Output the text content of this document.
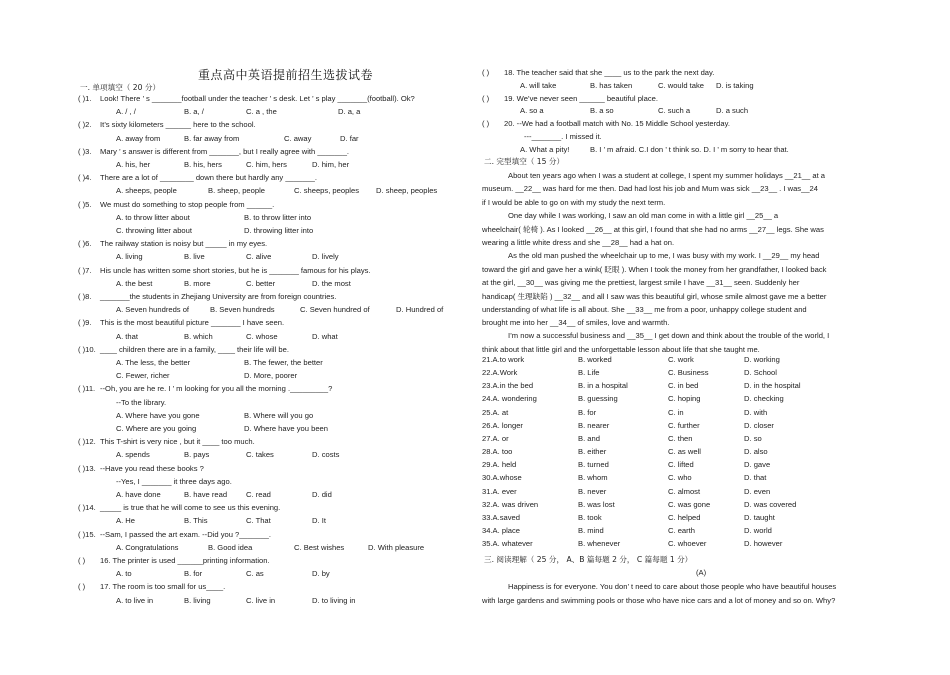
重点高中英语提前招生选拔试卷
一. 单项填空（ 20 分）
( )1. Look! There ’ s _______football under the teacher ’ s desk. Let ’ s play _______(football). Ok?
A. / , /	B. a, /	C. a , the	D. a, a
( )2. It’s sixty kilometers ______ here to the school.
A. away from	B. far away from	C. away	D. far
( )3. Mary ’ s answer is different from _______, but I really agree with _______.
A. his, her	B. his, hers	C. him, hers	D. him, her
( )4. There are a lot of ________ down there but hardly any _______.
A. sheeps, people	B. sheep, people	C. sheeps, peoples D. sheep, peoples
( )5. We must do something to stop people from ______.
A. to throw litter about	B. to throw litter into
C. throwing litter about	D. throwing litter into
( )6. The railway station is noisy but _____ in my eyes.
A. living	B. live	C. alive	D. lively
( )7. His uncle has written some short stories, but he is _______ famous for his plays.
A. the best	B. more	C. better	D. the most
( )8. _______the students in Zhejiang University are from foreign countries.
A. Seven hundreds of	B. Seven hundreds	C. Seven hundred of	D. Hundred of
( )9. This is the most beautiful picture _______ I have seen.
A. that	B. which	C. whose	D. what
( )10. ____ children there are in a family, ____ their life will be.
A. The less, the better	B. The fewer, the better
C. Fewer, richer	D. More, poorer
( )11. --Oh, you are he re. I ’ m looking for you all the morning ._________?
--To the library.
A. Where have you gone	B. Where will you go
C. Where are you going	D. Where have you been
( )12. This T-shirt is very nice , but it ____ too much.
A. spends	B. pays	C. takes	D. costs
( )13. --Have you read these books ?
--Yes, I _______ it three days ago.
A. have done	B. have read C. read	D. did
( )14. _____ is true that he will come to see us this evening.
A. He	B. This	C. That	D. It
( )15. --Sam, I passed the art exam. --Did you ?_______.
A. Congratulations	B. Good idea	C. Best wishes	D. With pleasure
( ) 16. The printer is used ______printing information.
A. to	B. for	C. as	D. by
( ) 17. The room is too small for us____.
A. to live in	B. living	C. live in	D. to living in
( ) 18. The teacher said that she ____ us to the park the next day.
A. will take	B. has taken	C. would take D. is taking
( ) 19. We’ve never seen ______ beautiful place.
A. so a	B. a so	C. such a	D. a such
( ) 20. --We had a football match with No. 15 Middle School yesterday.
---_______. I missed it.
A. What a pity!	B. I ’ m afraid. C.I don ’ t think so. D. I ’ m sorry to hear that.
二. 完型填空（ 15 分）
About ten years ago when I was a student at college, I spent my summer holidays __21__ at a
museum. __22__ was hard for me then. Dad had lost his job and Mum was sick __23__ . I was__24
if I would be able to go on with my study the next term.
One day while I was working, I saw an old man come in with a little girl __25__ a
wheelchair( 轮椅 ). As I looked __26__ at this girl, I found that she had no arms __27__ legs. She was
wearing a little white dress and she __28__ had a hat on.
As the old man pushed the wheelchair up to me, I was busy with my work. I __29__ my head
toward the girl and gave her a wink( 眨眼 ). When I took the money from her grandfather, I looked back
at the girl, __30__ was giving me the prettiest, largest smile I have __31__ seen. Suddenly her
handicap( 生理缺陷 ) __32__ and all I saw was this beautiful girl, whose smile almost gave me a better
understanding of what life is all about. She __33__ me from a poor, unhappy college student and
brought me into her __34__ of smiles, love and warmth.
I’m now a successful business and __35__ I get down and think about the trouble of the world, I
think about that little girl and the unforgettable lesson about life that she taught me.
21.A.to work	B. worked	C. work	D. working
22.A.Work	B. Life	C. Business	D. School
23.A.in the bed	B. in a hospital	C. in bed	D. in the hospital
24.A. wondering	B. guessing	C. hoping	D. checking
25.A. at	B. for	C. in	D. with
26.A. longer	B. nearer	C. further	D. closer
27.A. or	B. and	C. then	D. so
28.A. too	B. either	C. as well	D. also
29.A. held	B. turned	C. lifted	D. gave
30.A.whose	B. whom	C. who	D. that
31.A. ever	B. never	C. almost	D. even
32.A. was driven	B. was lost	C. was gone	D. was covered
33.A.saved	B. took	C. helped	D. taught
34.A. place	B. mind	C. earth	D. world
35.A. whatever	B. whenever	C. whoever	D. however
三. 阅读理解（ 25 分， A、B 篇每题 2 分， C 篇每题 1 分）
(A)
Happiness is for everyone. You don’ t need to care about those people who have beautiful houses
with large gardens and swimming pools or those who have nice cars and a lot of money and so on. Why?
